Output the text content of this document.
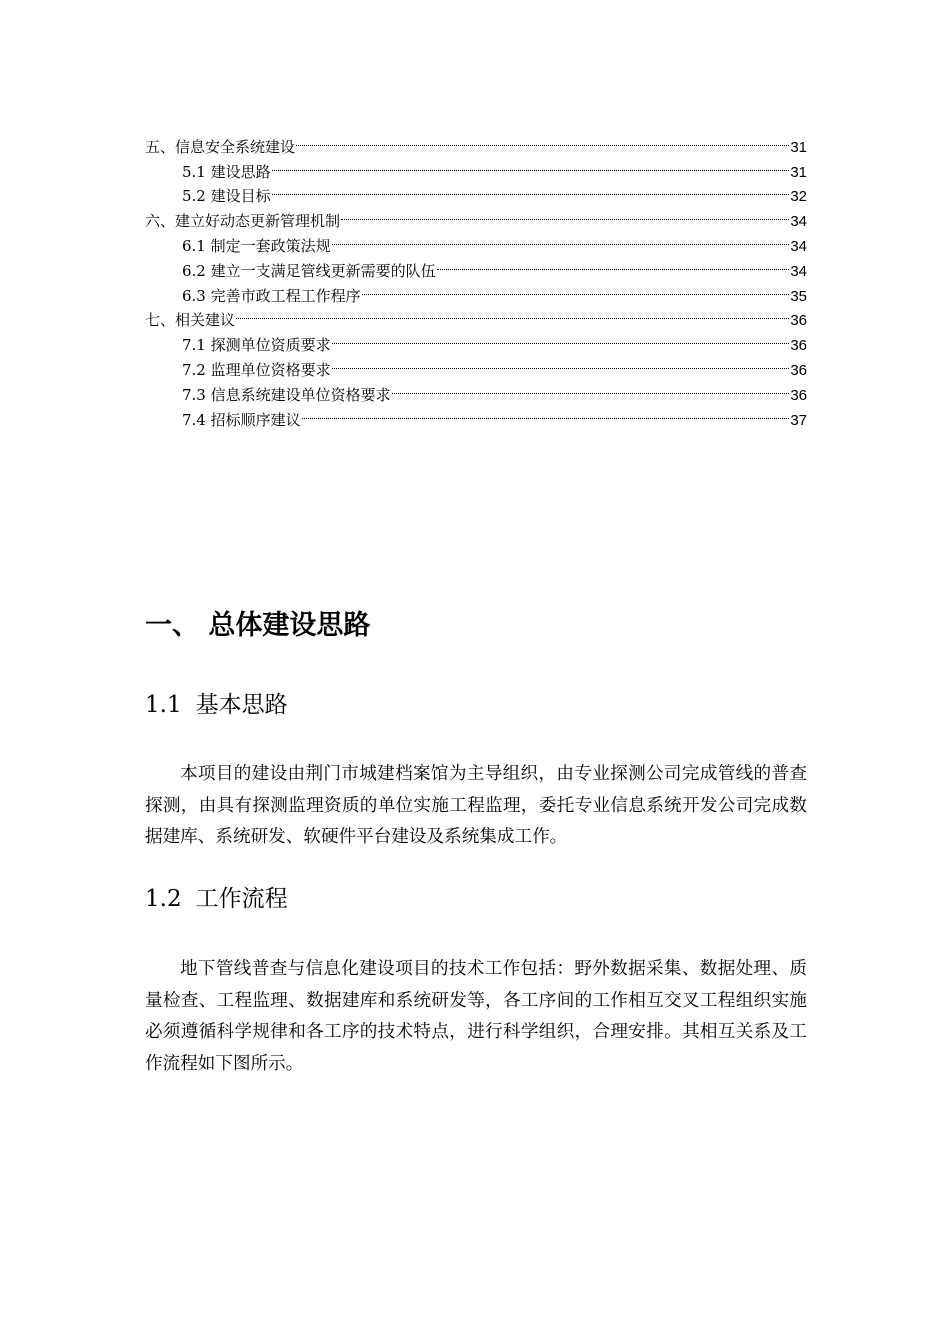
五、信息安全系统建设	31
5.1 建设思路	31
5.2 建设目标	32
六、建立好动态更新管理机制	34
6.1 制定一套政策法规	34
6.2 建立一支满足管线更新需要的队伍	34
6.3 完善市政工程工作程序	35
七、相关建议	36
7.1 探测单位资质要求	36
7.2 监理单位资格要求	36
7.3 信息系统建设单位资格要求	36
7.4 招标顺序建议	37
一、 总体建设思路
1.1 基本思路

本项目的建设由荆门市城建档案馆为主导组织，由专业探测公司完成管线的普查探测，由具有探测监理资质的单位实施工程监理，委托专业信息系统开发公司完成数据建库、系统研发、软硬件平台建设及系统集成工作。

1.2 工作流程

地下管线普查与信息化建设项目的技术工作包括：野外数据采集、数据处理、质量检查、工程监理、数据建库和系统研发等，各工序间的工作相互交叉工程组织实施必须遵循科学规律和各工序的技术特点，进行科学组织，合理安排。其相互关系及工作流程如下图所示。
